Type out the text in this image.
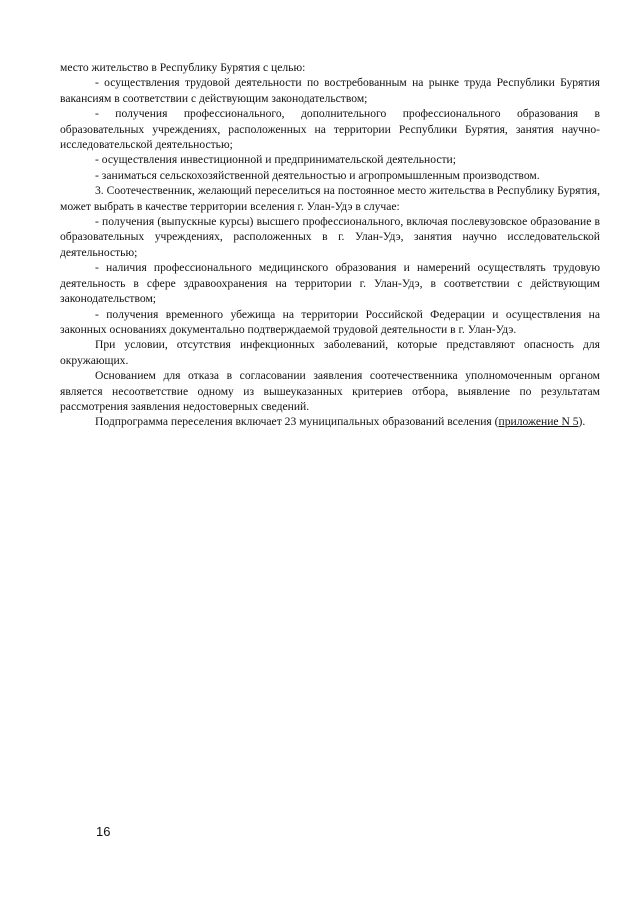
место жительство в Республику Бурятия с целью:

- осуществления трудовой деятельности по востребованным на рынке труда Республики Бурятия вакансиям в соответствии с действующим законодательством;

- получения профессионального, дополнительного профессионального образования в образовательных учреждениях, расположенных на территории Республики Бурятия, занятия научно-исследовательской деятельностью;

- осуществления инвестиционной и предпринимательской деятельности;

- заниматься сельскохозяйственной деятельностью и агропромышленным производством.

3. Соотечественник, желающий переселиться на постоянное место жительства в Республику Бурятия, может выбрать в качестве территории вселения г. Улан-Удэ в случае:

- получения (выпускные курсы) высшего профессионального, включая послевузовское образование в образовательных учреждениях, расположенных в г. Улан-Удэ, занятия научно исследовательской деятельностью;

- наличия профессионального медицинского образования и намерений осуществлять трудовую деятельность в сфере здравоохранения на территории г. Улан-Удэ, в соответствии с действующим законодательством;

- получения временного убежища на территории Российской Федерации и осуществления на законных основаниях документально подтверждаемой трудовой деятельности в г. Улан-Удэ.

При условии, отсутствия инфекционных заболеваний, которые представляют опасность для окружающих.

Основанием для отказа в согласовании заявления соотечественника уполномоченным органом является несоответствие одному из вышеуказанных критериев отбора, выявление по результатам рассмотрения заявления недостоверных сведений.

Подпрограмма переселения включает 23 муниципальных образований вселения (приложение N 5).

16
